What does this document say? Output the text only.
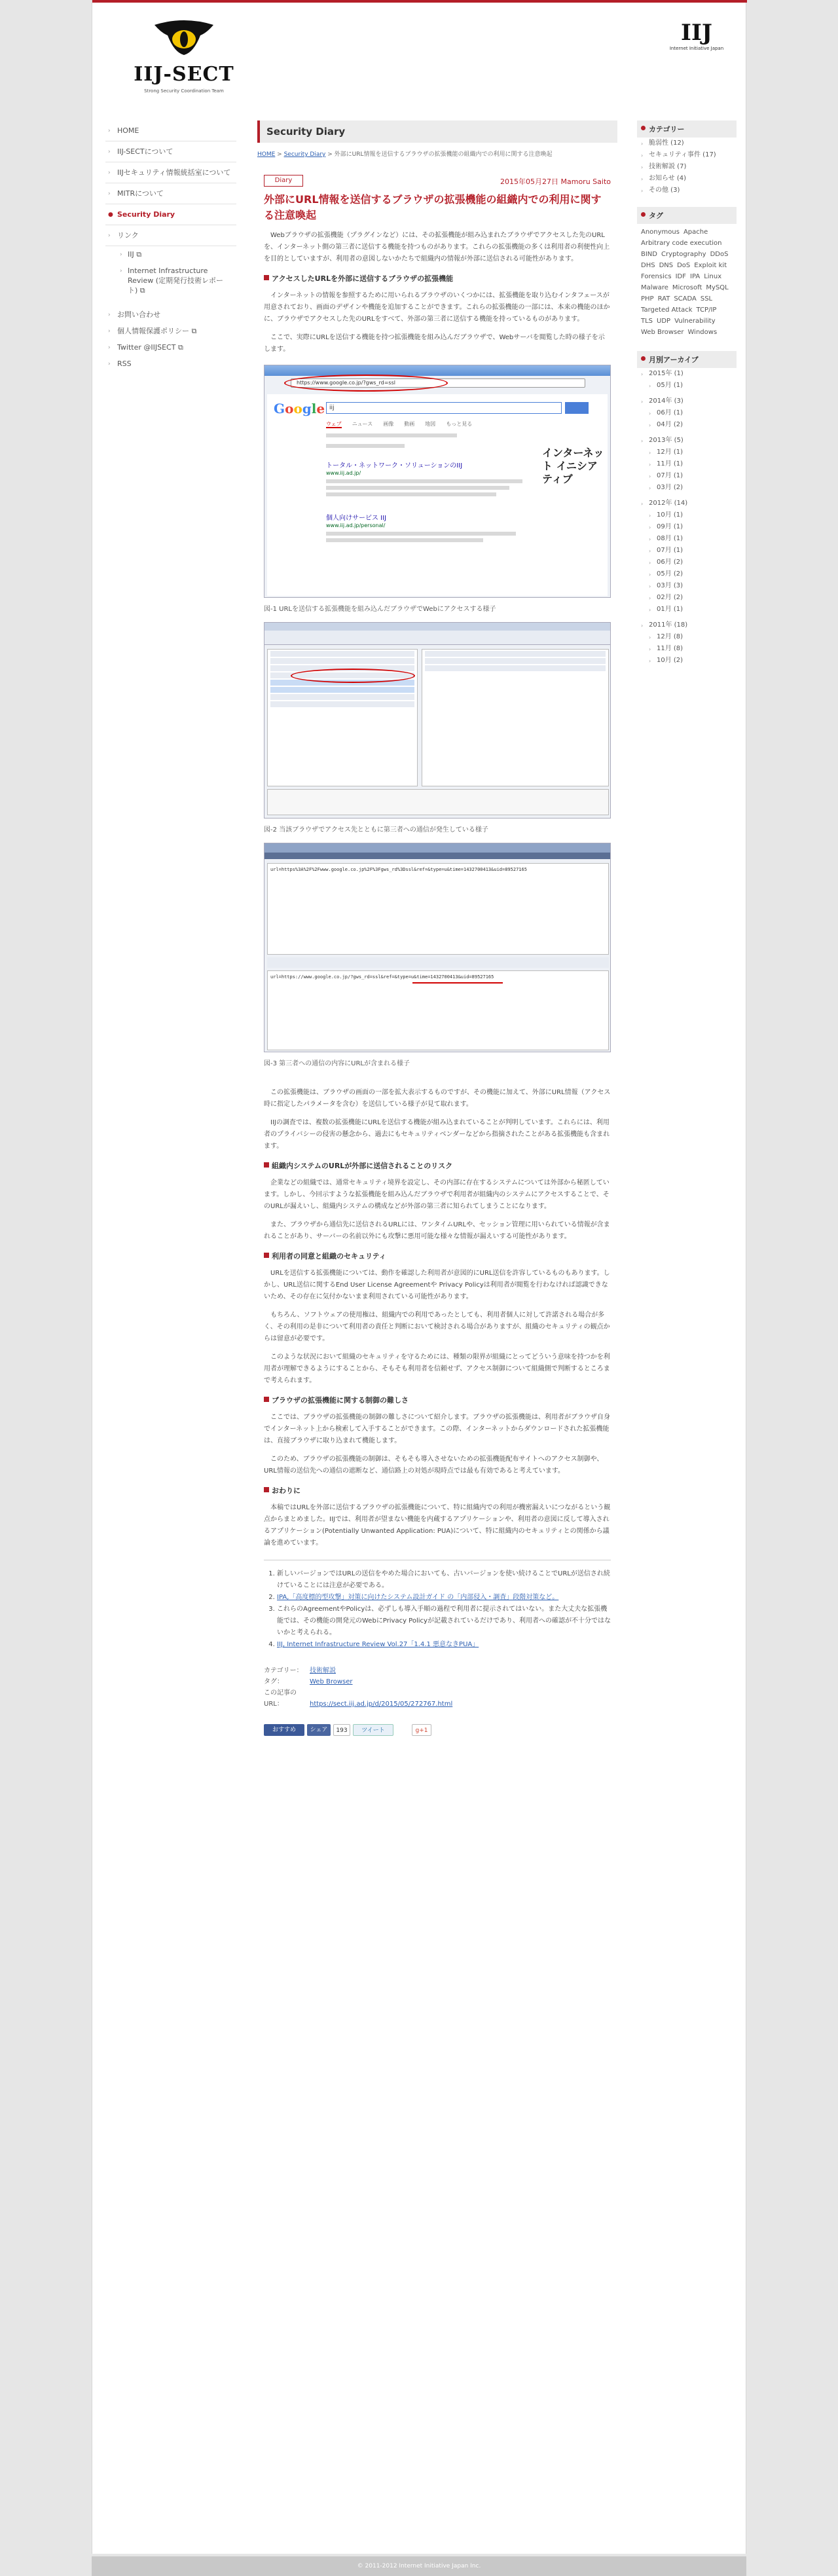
IIJ-SECT
Strong Security Coordination Team
IIJ
Internet Initiative Japan
› HOME
› IIJ-SECTについて
› IIJセキュリティ情報統括室について
› MITRについて
● Security Diary
› リンク
› IIJ ⧉
› Internet Infrastructure Review (定期発行技術レポート) ⧉
› お問い合わせ
› 個人情報保護ポリシー ⧉
› Twitter @IIJSECT ⧉
› RSS
Security Diary
HOME > Security Diary > 外部にURL情報を送信するブラウザの拡張機能の組織内での利用に関する注意喚起
Diary	2015年05月27日 Mamoru Saito
外部にURL情報を送信するブラウザの拡張機能の組織内での利用に関する注意喚起
Webブラウザの拡張機能（プラグインなど）には、その拡張機能が組み込まれたブラウザでアクセスした先のURLを、インターネット側の第三者に送信する機能を持つものがあります。これらの拡張機能の多くは利用者の利便性向上を目的としていますが、利用者の意図しないかたちで組織内の情報が外部に送信される可能性があります。
アクセスしたURLを外部に送信するブラウザの拡張機能
インターネットの情報を参照するために用いられるブラウザのいくつかには、拡張機能を取り込むインタフェースが用意されており、画面のデザインや機能を追加することができます。これらの拡張機能の一部には、本来の機能のほかに、ブラウザでアクセスした先のURLをすべて、外部の第三者に送信する機能を持っているものがあります。
ここで、実際にURLを送信する機能を持つ拡張機能を組み込んだブラウザで、Webサーバを閲覧した時の様子を示します。
https://www.google.co.jp/?gws_rd=ssl
Google iij
ウェブ ニュース 画像 動画 地図 もっと見る
トータル・ネットワーク・ソリューションのIIJ
www.iij.ad.jp/
個人向けサービス IIJ
www.iij.ad.jp/personal/
インターネット イニシアティブ
図-1 URLを送信する拡張機能を組み込んだブラウザでWebにアクセスする様子
図-2 当該ブラウザでアクセス先とともに第三者への通信が発生している様子
url=https%3A%2F%2Fwww.google.co.jp%2F%3Fgws_rd%3Dssl&ref=&type=u&time=1432700413&uid=89527165
url=https://www.google.co.jp/?gws_rd=ssl&ref=&type=u&time=1432700413&uid=89527165
図-3 第三者への通信の内容にURLが含まれる様子
この拡張機能は、ブラウザの画面の一部を拡大表示するものですが、その機能に加えて、外部にURL情報（アクセス時に指定したパラメータを含む）を送信している様子が見て取れます。
IIJの調査では、複数の拡張機能にURLを送信する機能が組み込まれていることが判明しています。これらには、利用者のプライバシーの侵害の懸念から、過去にもセキュリティベンダーなどから指摘されたことがある拡張機能も含まれます。
組織内システムのURLが外部に送信されることのリスク
企業などの組織では、通常セキュリティ境界を設定し、その内部に存在するシステムについては外部から秘匿しています。しかし、今回示すような拡張機能を組み込んだブラウザで利用者が組織内のシステムにアクセスすることで、そのURLが漏えいし、組織内システムの構成などが外部の第三者に知られてしまうことになります。
また、ブラウザから通信先に送信されるURLには、ワンタイムURLや、セッション管理に用いられている情報が含まれることがあり、サーバーの名前以外にも攻撃に悪用可能な様々な情報が漏えいする可能性があります。
利用者の同意と組織のセキュリティ
URLを送信する拡張機能については、動作を確認した利用者が意図的にURL送信を許容しているものもあります。しかし、URL送信に関するEnd User License Agreementや Privacy Policyは利用者が閲覧を行わなければ認識できないため、その存在に気付かないまま利用されている可能性があります。
もちろん、ソフトウェアの使用権は、組織内での利用であったとしても、利用者個人に対して許諾される場合が多く、その利用の是非について利用者の責任と判断において検討される場合がありますが、組織のセキュリティの観点からは留意が必要です。
このような状況において組織のセキュリティを守るためには、種類の限界が組織にとってどういう意味を持つかを利用者が理解できるようにすることから、そもそも利用者を信頼せず、アクセス制御について組織側で判断するところまで考えられます。
ブラウザの拡張機能に関する制御の難しさ
ここでは、ブラウザの拡張機能の制御の難しさについて紹介します。ブラウザの拡張機能は、利用者がブラウザ自身でインターネット上から検索して入手することができます。この際、インターネットからダウンロードされた拡張機能は、直接ブラウザに取り込まれて機能します。
このため、ブラウザの拡張機能の制御は、そもそも導入させないための拡張機能配布サイトへのアクセス制御や、URL情報の送信先への通信の遮断など、通信路上の対処が現時点では最も有効であると考えています。
おわりに
本稿ではURLを外部に送信するブラウザの拡張機能について、特に組織内での利用が機密漏えいにつながるという観点からまとめました。IIJでは、利用者が望まない機能を内蔵するアプリケーションや、利用者の意図に反して導入されるアプリケーション(Potentially Unwanted Application: PUA)について、特に組織内のセキュリティとの関係から議論を進めています。
1. 新しいバージョンではURLの送信をやめた場合においても、古いバージョンを使い続けることでURLが送信され続けていることには注意が必要である。
2. IPA,「高度標的型攻撃」対策に向けたシステム設計ガイド の「内部侵入・調査」段階対策など。
3. これらのAgreementやPolicyは、必ずしも導入手順の過程で利用者に提示されてはいない。また大丈夫な拡張機能では、その機能の開発元のWebにPrivacy Policyが記載されているだけであり、利用者への確認が不十分ではないかと考えられる。
4. IIJ, Internet Infrastructure Review Vol.27「1.4.1 悪意なきPUA」
カテゴリー： 技術解説
タグ：	Web Browser
この記事のURL：	https://sect.iij.ad.jp/d/2015/05/272767.html
おすすめ	シェア	193	ツイート	g+1
カテゴリー
› 脆弱性 (12)
› セキュリティ事件 (17)
› 技術解説 (7)
› お知らせ (4)
› その他 (3)
タグ
Anonymous ApacheArbitrary code executionBIND Cryptography DDoSDHS DNS DoS Exploit kitForensics IDF IPA LinuxMalware Microsoft MySQLPHP RAT SCADA SSLTargeted Attack TCP/IPTLS UDP VulnerabilityWeb Browser Windows
月別アーカイブ
› 2015年 (1)
› 05月 (1)
› 2014年 (3)
› 06月 (1)
› 04月 (2)
› 2013年 (5)
› 12月 (1)
› 11月 (1)
› 07月 (1)
› 03月 (2)
› 2012年 (14)
› 10月 (1)
› 09月 (1)
› 08月 (1)
› 07月 (1)
› 06月 (2)
› 05月 (2)
› 03月 (3)
› 02月 (2)
› 01月 (1)
› 2011年 (18)
› 12月 (8)
› 11月 (8)
› 10月 (2)
© 2011-2012 Internet Initiative Japan Inc.
